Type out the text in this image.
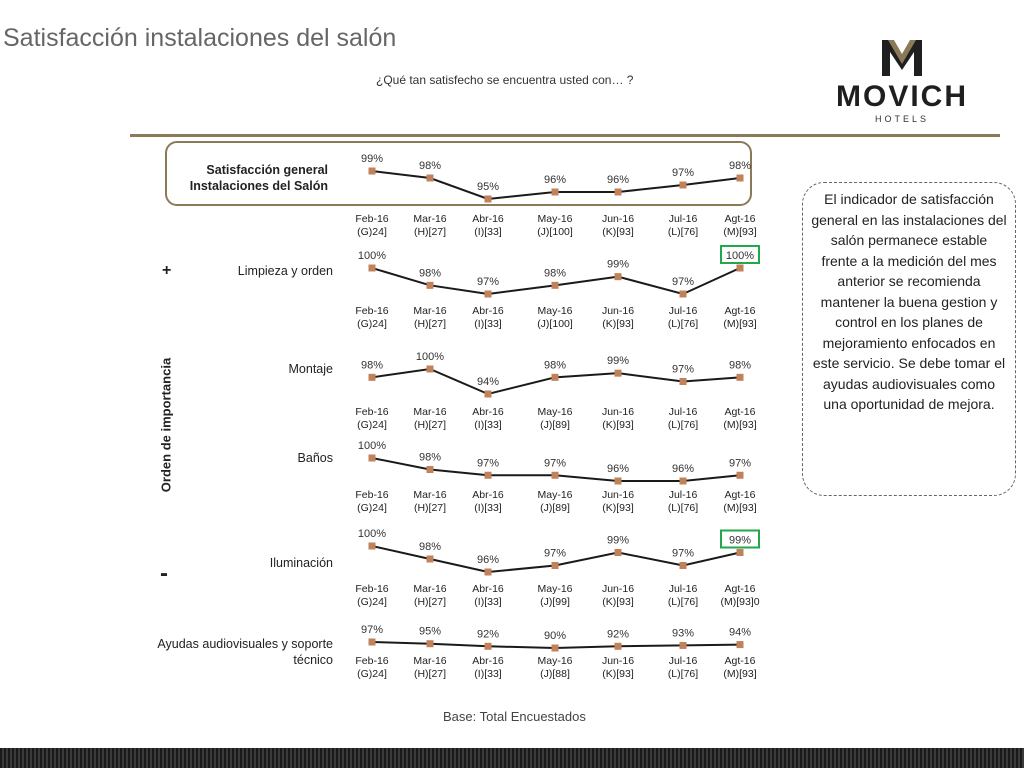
Satisfacción instalaciones del salón
¿Qué tan satisfecho se encuentra usted con… ?	MOVICH
HOTELS
Satisfacción general Instalaciones del Salón
Limpieza y orden
Montaje
Baños
Iluminación
Ayudas audiovisuales y soporte técnico
Orden de importancia
+
-
El indicador de satisfacción general en las instalaciones del salón permanece estable frente a la medición del mes anterior se recomienda mantener la buena gestion y control en los planes de mejoramiento enfocados en este servicio. Se debe tomar el ayudas audiovisuales como una oportunidad de mejora.
Base: Total Encuestados
99%
Feb-16 (G)24]
98%
Mar-16 (H)[27]
95%
Abr-16 (I)[33]
96%
May-16 (J)[100]
96%
Jun-16 (K)[93]
97%
Jul-16 (L)[76]
98%
Agt-16 (M)[93]
100%
Feb-16 (G)24]
98%
Mar-16 (H)[27]
97%
Abr-16 (I)[33]
98%
May-16 (J)[100]
99%
Jun-16 (K)[93]
97%
Jul-16 (L)[76]
100%
Agt-16 (M)[93]
98%
Feb-16 (G)24]
100%
Mar-16 (H)[27]
94%
Abr-16 (I)[33]
98%
May-16 (J)[89]
99%
Jun-16 (K)[93]
97%
Jul-16 (L)[76]
98%
Agt-16 (M)[93]
100%
Feb-16 (G)24]
98%
Mar-16 (H)[27]
97%
Abr-16 (I)[33]
97%
May-16 (J)[89]
96%
Jun-16 (K)[93]
96%
Jul-16 (L)[76]
97%
Agt-16 (M)[93]
100%
Feb-16 (G)24]
98%
Mar-16 (H)[27]
96%
Abr-16 (I)[33]
97%
May-16 (J)[99]
99%
Jun-16 (K)[93]
97%
Jul-16 (L)[76]
99%
Agt-16 (M)[93]0
97%
Feb-16 (G)24]
95%
Mar-16 (H)[27]
92%
Abr-16 (I)[33]
90%
May-16 (J)[88]
92%
Jun-16 (K)[93]
93%
Jul-16 (L)[76]
94%
Agt-16 (M)[93]
